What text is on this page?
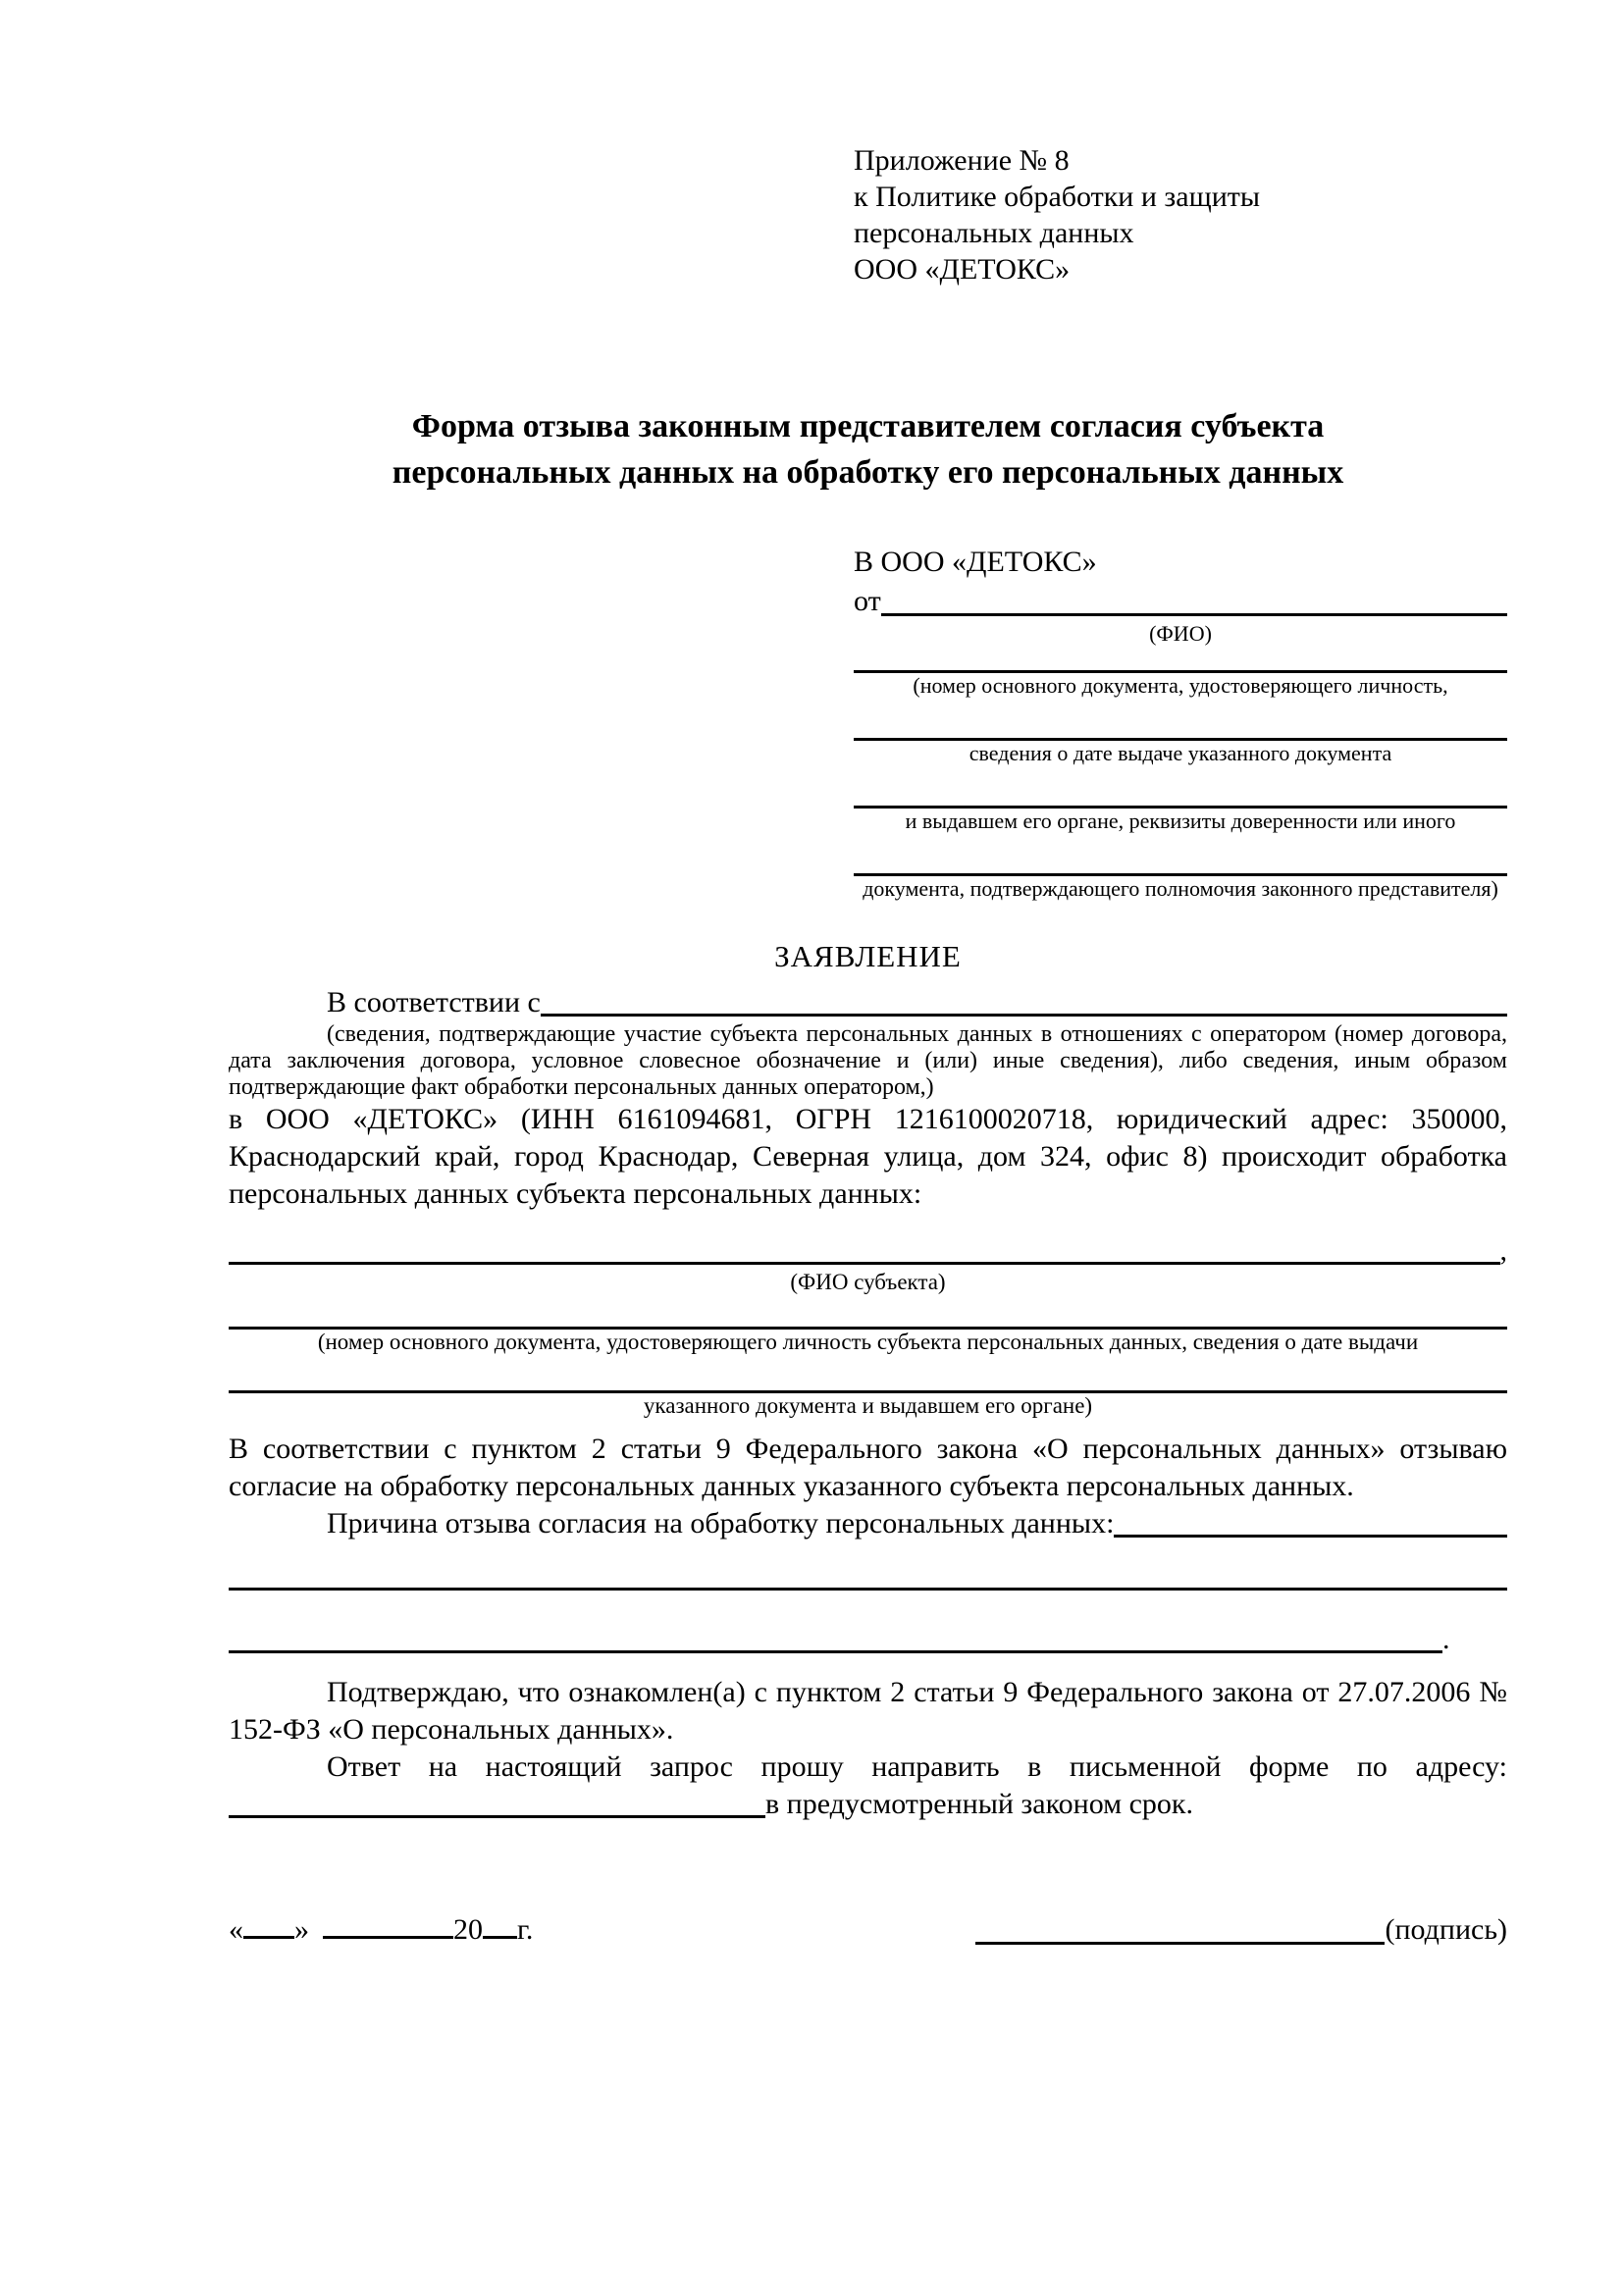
Приложение № 8
к Политике обработки и защиты
персональных данных
ООО «ДЕТОКС»
Форма отзыва законным представителем согласия субъекта
персональных данных на обработку его персональных данных
В ООО «ДЕТОКС»
от
(ФИО)
(номер основного документа, удостоверяющего личность,
сведения о дате выдаче указанного документа
и выдавшем его органе, реквизиты доверенности или иного
документа, подтверждающего полномочия законного представителя)
ЗАЯВЛЕНИЕ
В соответствии с
(сведения, подтверждающие участие субъекта персональных данных в отношениях с оператором (номер договора, дата заключения договора, условное словесное обозначение и (или) иные сведения), либо сведения, иным образом подтверждающие факт обработки персональных данных оператором,)
в ООО «ДЕТОКС» (ИНН 6161094681, ОГРН 1216100020718, юридический адрес: 350000, Краснодарский край, город Краснодар, Северная улица, дом 324, офис 8) происходит обработка персональных данных субъекта персональных данных:
,
(ФИО субъекта)
(номер основного документа, удостоверяющего личность субъекта персональных данных, сведения о дате выдачи
указанного документа и выдавшем его органе)
В соответствии с пунктом 2 статьи 9 Федерального закона «О персональных данных» отзываю согласие на обработку персональных данных указанного субъекта персональных данных.
Причина отзыва согласия на обработку персональных данных:
.
Подтверждаю, что ознакомлен(а) с пунктом 2 статьи 9 Федерального закона от 27.07.2006 № 152-ФЗ «О персональных данных».
Ответ на настоящий запрос прошу направить в письменной форме по адресу:
в предусмотренный законом срок.
« »	20 г.	(подпись)
